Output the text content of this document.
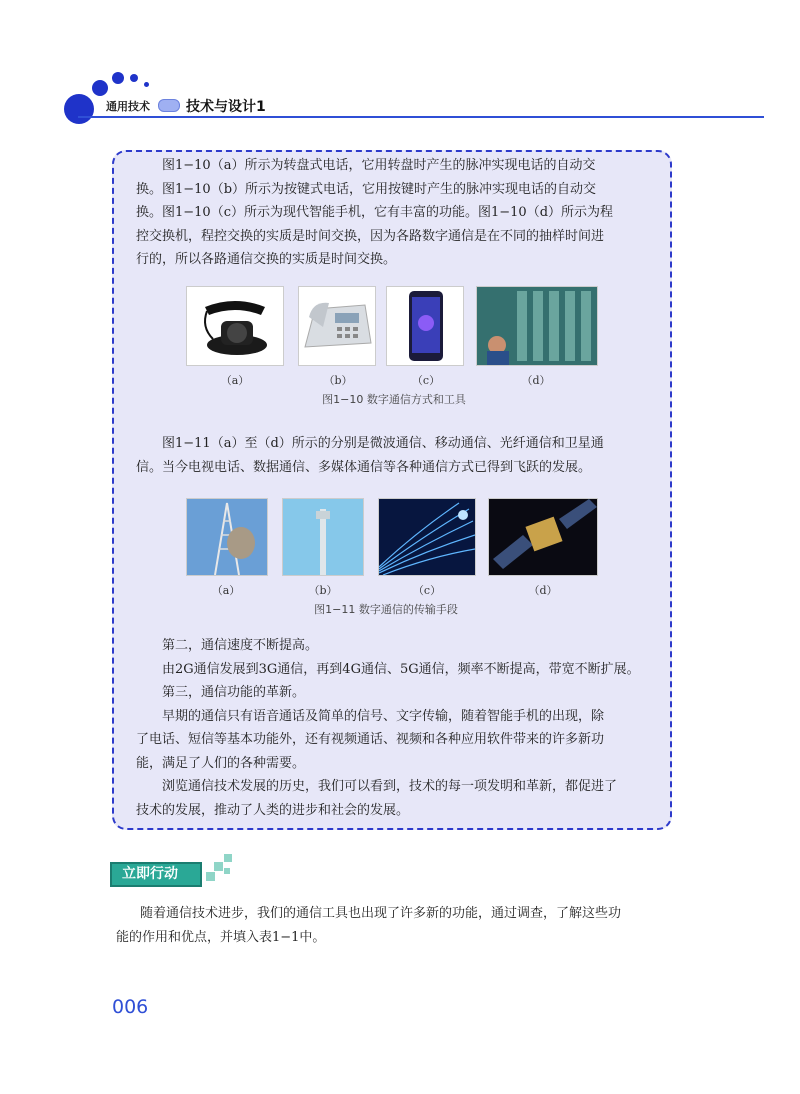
通用技术	技术与设计1

图1−10（a）所示为转盘式电话，它用转盘时产生的脉冲实现电话的自动交

换。图1−10（b）所示为按键式电话，它用按键时产生的脉冲实现电话的自动交

换。图1−10（c）所示为现代智能手机，它有丰富的功能。图1−10（d）所示为程

控交换机，程控交换的实质是时间交换，因为各路数字通信是在不同的抽样时间进

行的，所以各路通信交换的实质是时间交换。

（a）	（b）	（c）	（d）
图1−10 数字通信方式和工具

图1−11（a）至（d）所示的分别是微波通信、移动通信、光纤通信和卫星通

信。当今电视电话、数据通信、多媒体通信等各种通信方式已得到飞跃的发展。

（a）	（b）	（c）	（d）
图1−11 数字通信的传输手段

第二，通信速度不断提高。

由2G通信发展到3G通信，再到4G通信、5G通信，频率不断提高，带宽不断扩展。

第三，通信功能的革新。

早期的通信只有语音通话及简单的信号、文字传输，随着智能手机的出现，除

了电话、短信等基本功能外，还有视频通话、视频和各种应用软件带来的许多新功

能，满足了人们的各种需要。

浏览通信技术发展的历史，我们可以看到，技术的每一项发明和革新，都促进了

技术的发展，推动了人类的进步和社会的发展。

立即行动

随着通信技术进步，我们的通信工具也出现了许多新的功能，通过调查，了解这些功

能的作用和优点，并填入表1−1中。

006
